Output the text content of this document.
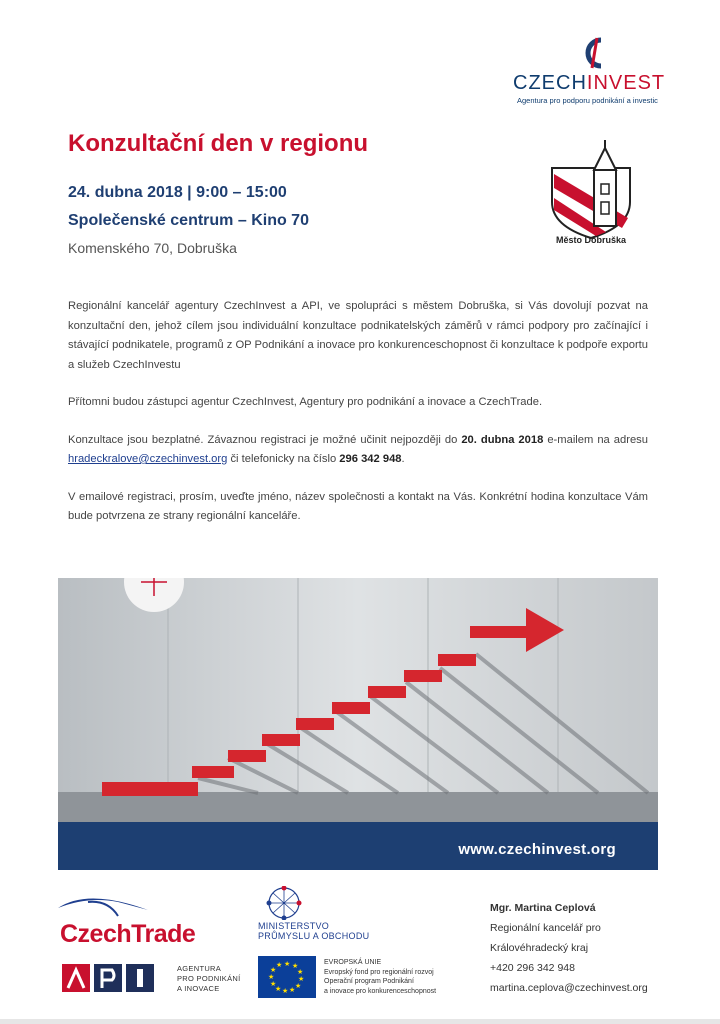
CZECHINVEST
Agentura pro podporu podnikání a investic
Konzultační den v regionu
24. dubna 2018 | 9:00 – 15:00
Společenské centrum – Kino 70
Komenského 70, Dobruška	Město Dobruška

Regionální kancelář agentury CzechInvest a API, ve spolupráci s městem Dobruška, si Vás dovolují pozvat na konzultační den, jehož cílem jsou individuální konzultace podnikatelských záměrů v rámci podpory pro začínající i stávající podnikatele, programů z OP Podnikání a inovace pro konkurenceschopnost či konzultace k podpoře exportu a služeb CzechInvestu

Přítomni budou zástupci agentur CzechInvest, Agentury pro podnikání a inovace a CzechTrade.

Konzultace jsou bezplatné. Závaznou registraci je možné učinit nejpozději do 20. dubna 2018 e-mailem na adresu hradeckralove@czechinvest.org či telefonicky na číslo 296 342 948.

V emailové registraci, prosím, uveďte jméno, název společnosti a kontakt na Vás. Konkrétní hodina konzultace Vám bude potvrzena ze strany regionální kanceláře.

www.czechinvest.org
CzechTrade
AGENTURA
PRO PODNIKÁNÍ
A INOVACE
MINISTERSTVO
PRŮMYSLU A OBCHODU
★ ★
★
★
★
★
★
★
★
★
★
★	EVROPSKÁ UNIE
Evropský fond pro regionální rozvoj
Operační program Podnikání
a inovace pro konkurenceschopnost
Mgr. Martina Ceplová
Regionální kancelář pro
Královéhradecký kraj
+420 296 342 948
martina.ceplova@czechinvest.org
